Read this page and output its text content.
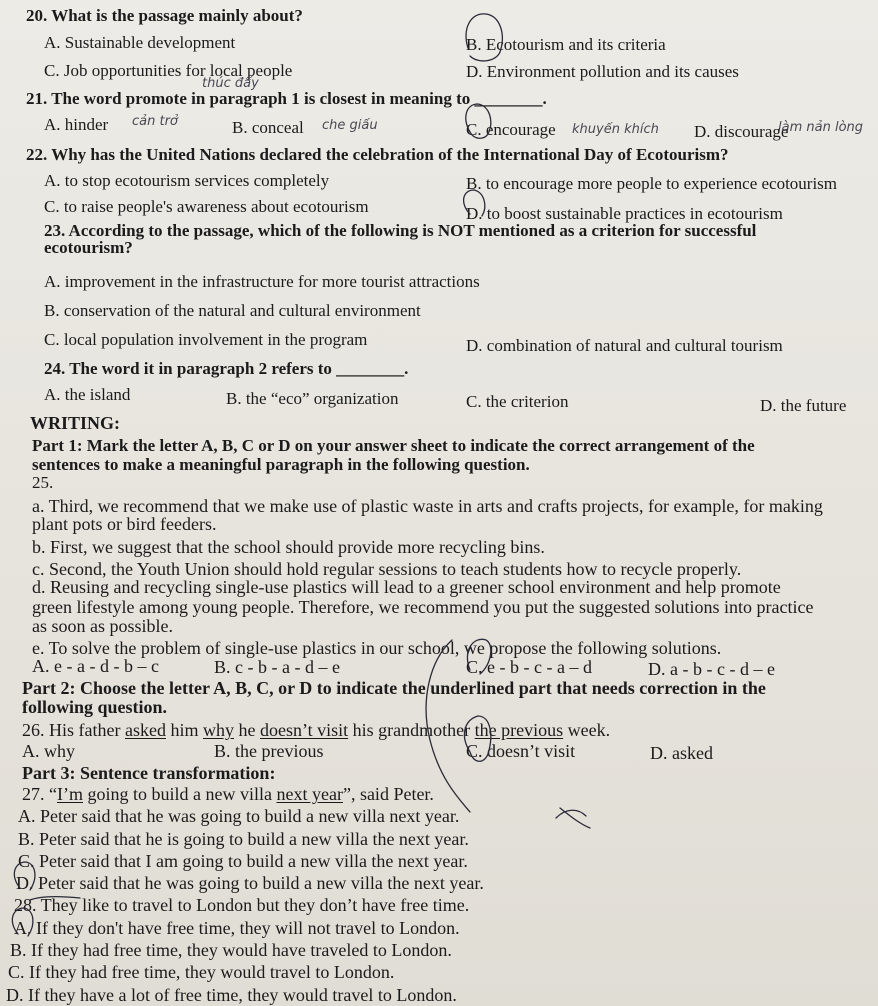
20. What is the passage mainly about?
A. Sustainable development	B. Ecotourism and its criteria
C. Job opportunities for local people	D. Environment pollution and its causes
21. The word promote in paragraph 1 is closest in meaning to ________.
A. hinder	B. conceal	C. encourage	D. discourage
22. Why has the United Nations declared the celebration of the International Day of Ecotourism?
A. to stop ecotourism services completely	B. to encourage more people to experience ecotourism
C. to raise people's awareness about ecotourism	D. to boost sustainable practices in ecotourism
23. According to the passage, which of the following is NOT mentioned as a criterion for successful
ecotourism?
A. improvement in the infrastructure for more tourist attractions
B. conservation of the natural and cultural environment
C. local population involvement in the program	D. combination of natural and cultural tourism
24. The word it in paragraph 2 refers to ________.
A. the island	B. the “eco” organization	C. the criterion	D. the future
WRITING:
Part 1: Mark the letter A, B, C or D on your answer sheet to indicate the correct arrangement of the
sentences to make a meaningful paragraph in the following question.
25.
a. Third, we recommend that we make use of plastic waste in arts and crafts projects, for example, for making
plant pots or bird feeders.
b. First, we suggest that the school should provide more recycling bins.
c. Second, the Youth Union should hold regular sessions to teach students how to recycle properly.
d. Reusing and recycling single-use plastics will lead to a greener school environment and help promote
green lifestyle among young people. Therefore, we recommend you put the suggested solutions into practice
as soon as possible.
e. To solve the problem of single-use plastics in our school, we propose the following solutions.
A. e - a - d - b – c	B. c - b - a - d – e	C. e - b - c - a – d	D. a - b - c - d – e
Part 2: Choose the letter A, B, C, or D to indicate the underlined part that needs correction in the
following question.
26. His father asked him why he doesn’t visit his grandmother the previous week.
A. why	B. the previous	C. doesn’t visit	D. asked
Part 3: Sentence transformation:
27. “I’m going to build a new villa next year”, said Peter.
A. Peter said that he was going to build a new villa next year.
B. Peter said that he is going to build a new villa the next year.
C. Peter said that I am going to build a new villa the next year.
D. Peter said that he was going to build a new villa the next year.
28. They like to travel to London but they don’t have free time.
A. If they don't have free time, they will not travel to London.
B. If they had free time, they would have traveled to London.
C. If they had free time, they would travel to London.
D. If they have a lot of free time, they would travel to London.
thúc đẩy
cản trở	che giấu	khuyến khích	làm nản lòng
